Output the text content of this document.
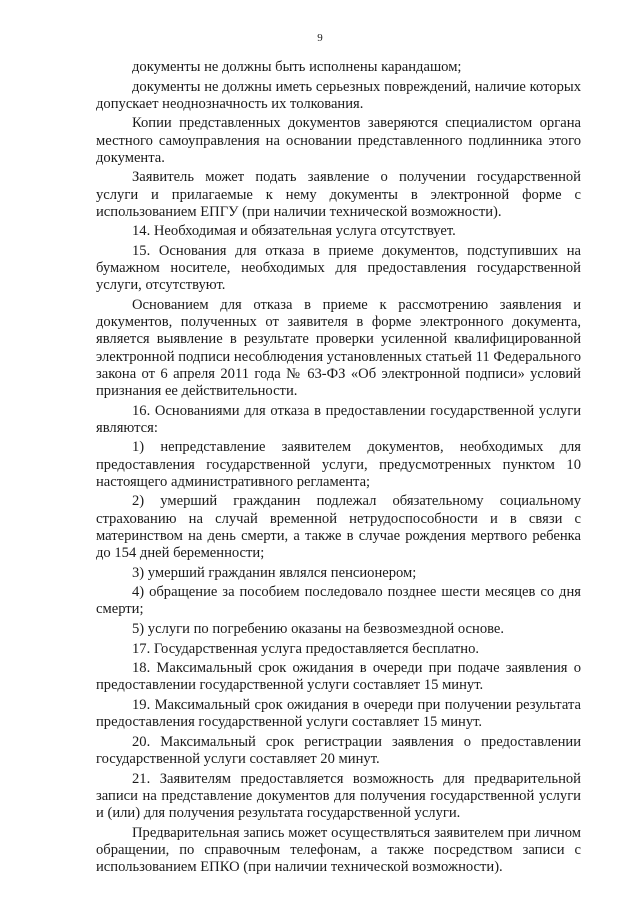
9

документы не должны быть исполнены карандашом;

документы не должны иметь серьезных повреждений, наличие которых допускает неоднозначность их толкования.

Копии представленных документов заверяются специалистом органа местного самоуправления на основании представленного подлинника этого документа.

Заявитель может подать заявление о получении государственной услуги и прилагаемые к нему документы в электронной форме с использованием ЕПГУ (при наличии технической возможности).

14. Необходимая и обязательная услуга отсутствует.

15. Основания для отказа в приеме документов, подступивших на бумажном носителе, необходимых для предоставления государственной услуги, отсутствуют.

Основанием для отказа в приеме к рассмотрению заявления и документов, полученных от заявителя в форме электронного документа, является выявление в результате проверки усиленной квалифицированной электронной подписи несоблюдения установленных статьей 11 Федерального закона от 6 апреля 2011 года № 63-ФЗ «Об электронной подписи» условий признания ее действительности.

16. Основаниями для отказа в предоставлении государственной услуги являются:

1) непредставление заявителем документов, необходимых для предоставления государственной услуги, предусмотренных пунктом 10 настоящего административного регламента;

2) умерший гражданин подлежал обязательному социальному страхованию на случай временной нетрудоспособности и в связи с материнством на день смерти, а также в случае рождения мертвого ребенка до 154 дней беременности;

3) умерший гражданин являлся пенсионером;

4) обращение за пособием последовало позднее шести месяцев со дня смерти;

5) услуги по погребению оказаны на безвозмездной основе.

17. Государственная услуга предоставляется бесплатно.

18. Максимальный срок ожидания в очереди при подаче заявления о предоставлении государственной услуги составляет 15 минут.

19. Максимальный срок ожидания в очереди при получении результата предоставления государственной услуги составляет 15 минут.

20. Максимальный срок регистрации заявления о предоставлении государственной услуги составляет 20 минут.

21. Заявителям предоставляется возможность для предварительной записи на представление документов для получения государственной услуги и (или) для получения результата государственной услуги.

Предварительная запись может осуществляться заявителем при личном обращении, по справочным телефонам, а также посредством записи с использованием ЕПКО (при наличии технической возможности).
